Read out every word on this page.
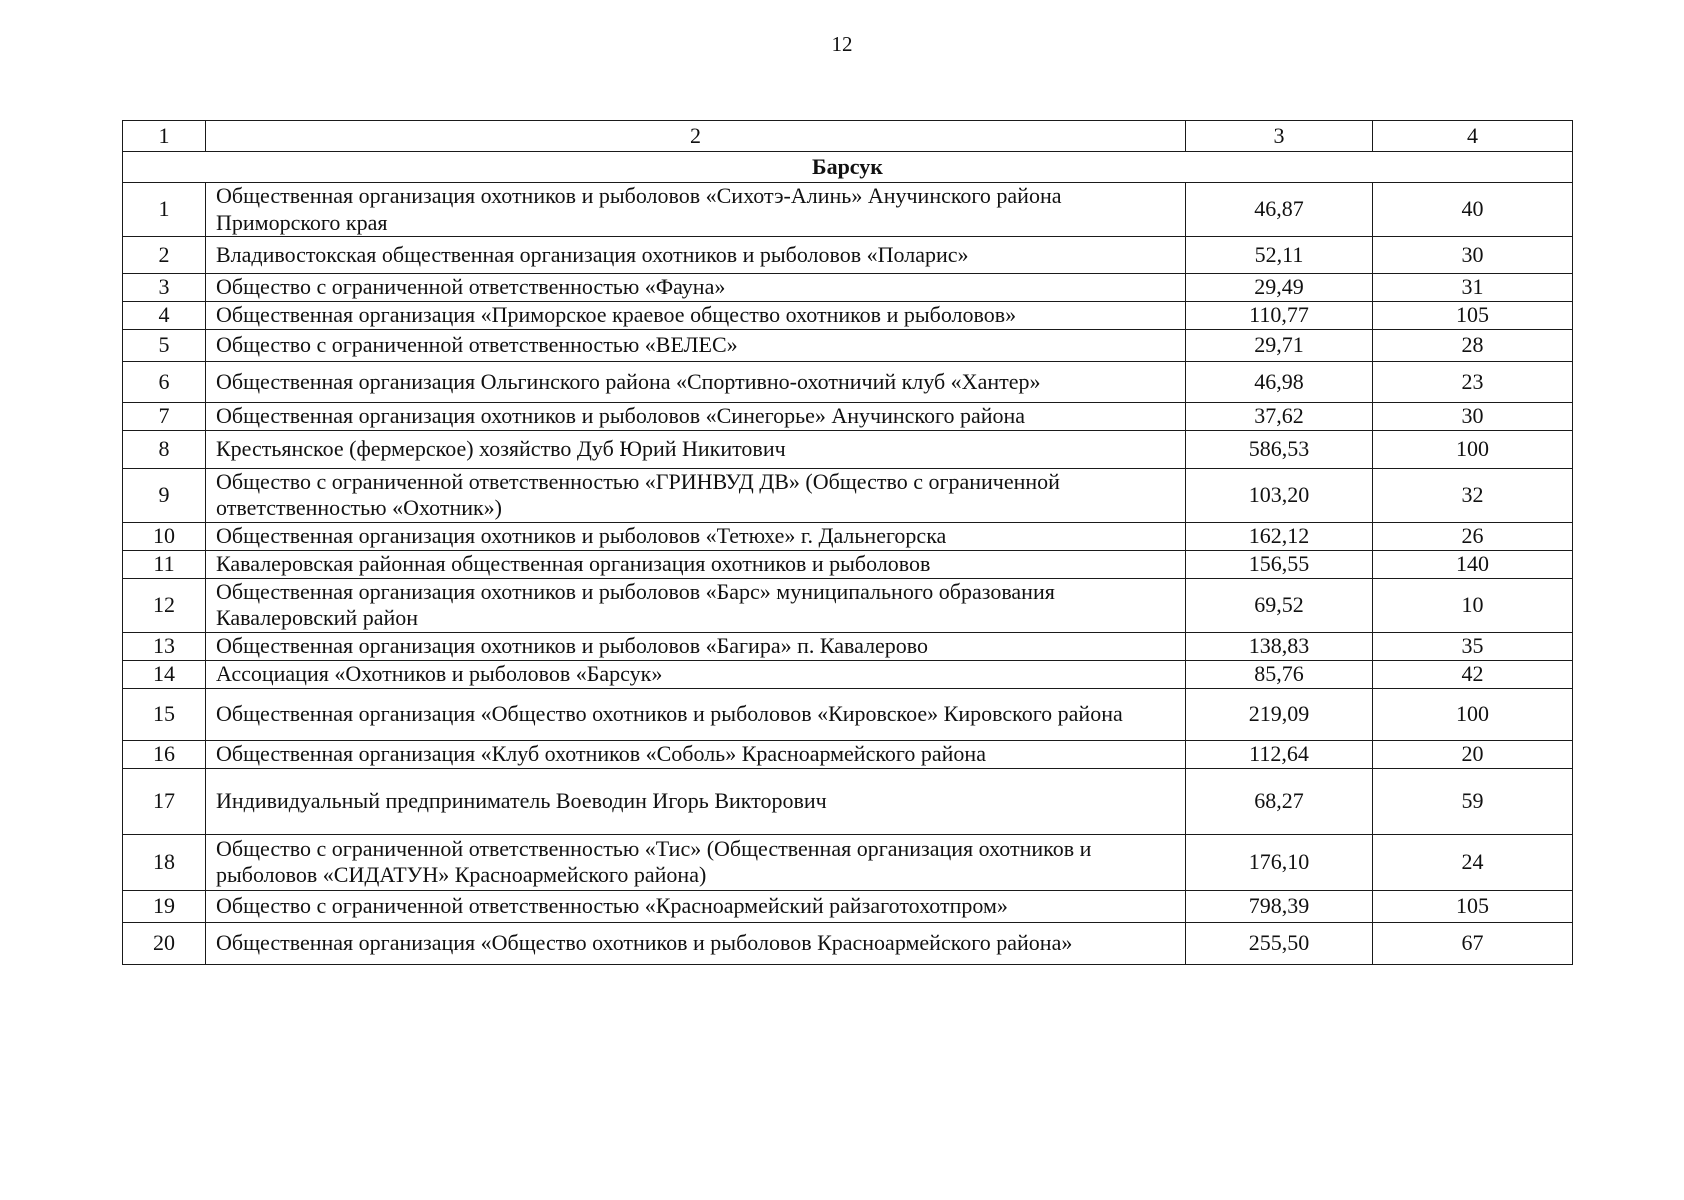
12
1	2	3	4
Барсук			
1	Общественная организация охотников и рыболовов «Сихотэ-Алинь» Анучинского района Приморского края	46,87	40
2	Владивостокская общественная организация охотников и рыболовов «Поларис»	52,11	30
3	Общество с ограниченной ответственностью «Фауна»	29,49	31
4	Общественная организация «Приморское краевое общество охотников и рыболовов»	110,77	105
5	Общество с ограниченной ответственностью «ВЕЛЕС»	29,71	28
6	Общественная организация Ольгинского района «Спортивно-охотничий клуб «Хантер»	46,98	23
7	Общественная организация охотников и рыболовов «Синегорье» Анучинского района	37,62	30
8	Крестьянское (фермерское) хозяйство Дуб Юрий Никитович	586,53	100
9	Общество с ограниченной ответственностью «ГРИНВУД ДВ» (Общество с ограниченной ответственностью «Охотник»)	103,20	32
10	Общественная организация охотников и рыболовов «Тетюхе» г. Дальнегорска	162,12	26
11	Кавалеровская районная общественная организация охотников и рыболовов	156,55	140
12	Общественная организация охотников и рыболовов «Барс» муниципального образования Кавалеровский район	69,52	10
13	Общественная организация охотников и рыболовов «Багира» п. Кавалерово	138,83	35
14	Ассоциация «Охотников и рыболовов «Барсук»	85,76	42
15	Общественная организация «Общество охотников и рыболовов «Кировское» Кировского района	219,09	100
16	Общественная организация «Клуб охотников «Соболь» Красноармейского района	112,64	20
17	Индивидуальный предприниматель Воеводин Игорь Викторович	68,27	59
18	Общество с ограниченной ответственностью «Тис» (Общественная организация охотников и рыболовов «СИДАТУН» Красноармейского района)	176,10	24
19	Общество с ограниченной ответственностью «Красноармейский райзаготохотпром»	798,39	105
20	Общественная организация «Общество охотников и рыболовов Красноармейского района»	255,50	67
